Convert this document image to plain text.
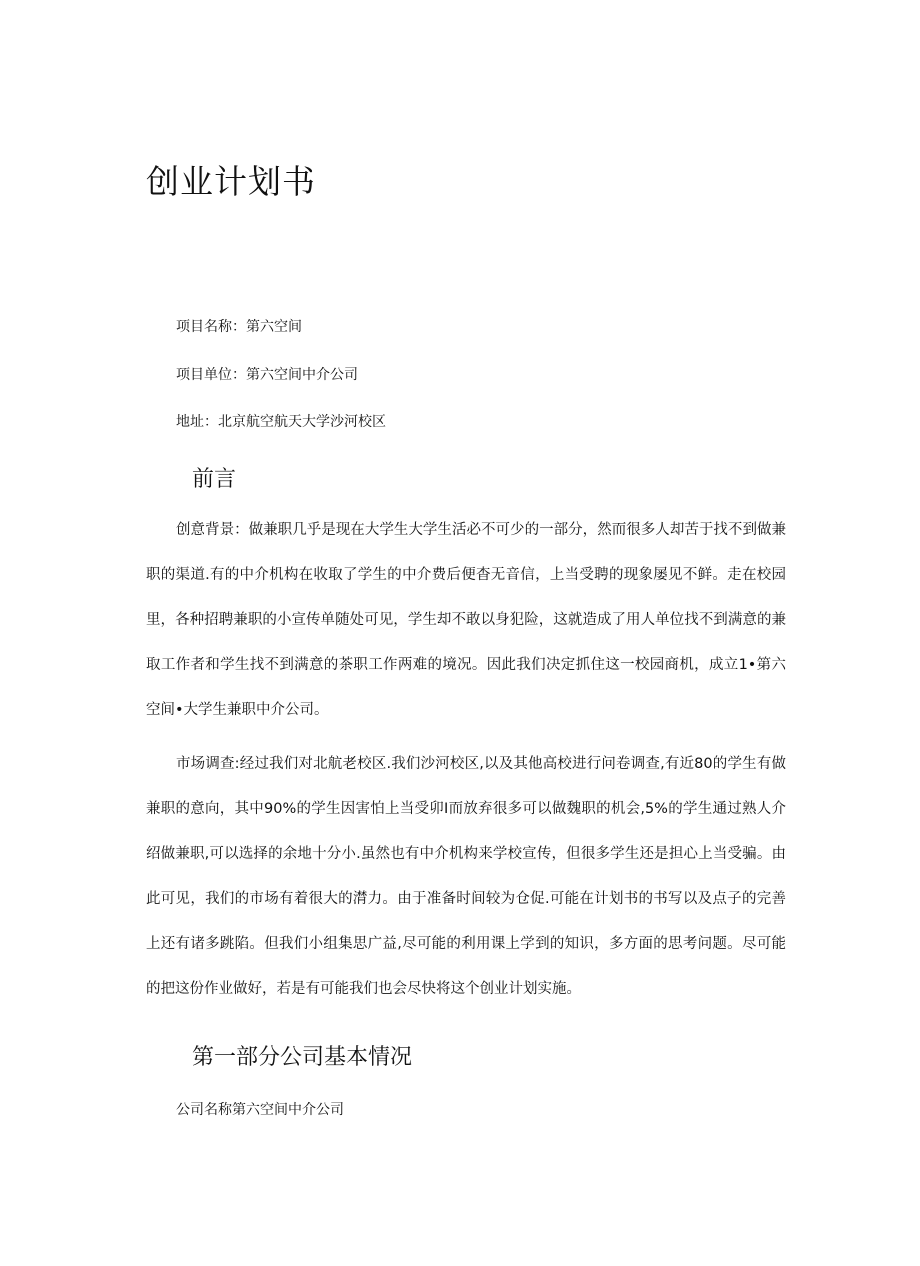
创业计划书
项目名称：第六空间
项目单位：第六空间中介公司
地址：北京航空航天大学沙河校区
前言

创意背景：做兼职几乎是现在大学生大学生活必不可少的一部分，然而很多人却苦于找不到做兼职的渠道.有的中介机构在收取了学生的中介费后便杳无音信，上当受聘的现象屡见不鲜。走在校园里，各种招聘兼职的小宣传单随处可见，学生却不敢以身犯险，这就造成了用人单位找不到满意的兼取工作者和学生找不到满意的茶职工作两难的境况。因此我们决定抓住这一校园商机，成立1•第六空间•大学生兼职中介公司。

市场调查:经过我们对北航老校区.我们沙河校区,以及其他高校进行问卷调查,有近80的学生有做兼职的意向，其中90%的学生因害怕上当受卯I而放弃很多可以做魏职的机会,5%的学生通过熟人介绍做兼职,可以选择的余地十分小.虽然也有中介机构来学校宣传，但很多学生还是担心上当受骗。由此可见，我们的市场有着很大的潸力。由于准备时间较为仓促.可能在计划书的书写以及点子的完善上还有诸多跳陷。但我们小组集思广益,尽可能的利用课上学到的知识，多方面的思考问题。尽可能的把这份作业做好，若是有可能我们也会尽快将这个创业计划实施。

第一部分公司基本情况
公司名称第六空间中介公司
